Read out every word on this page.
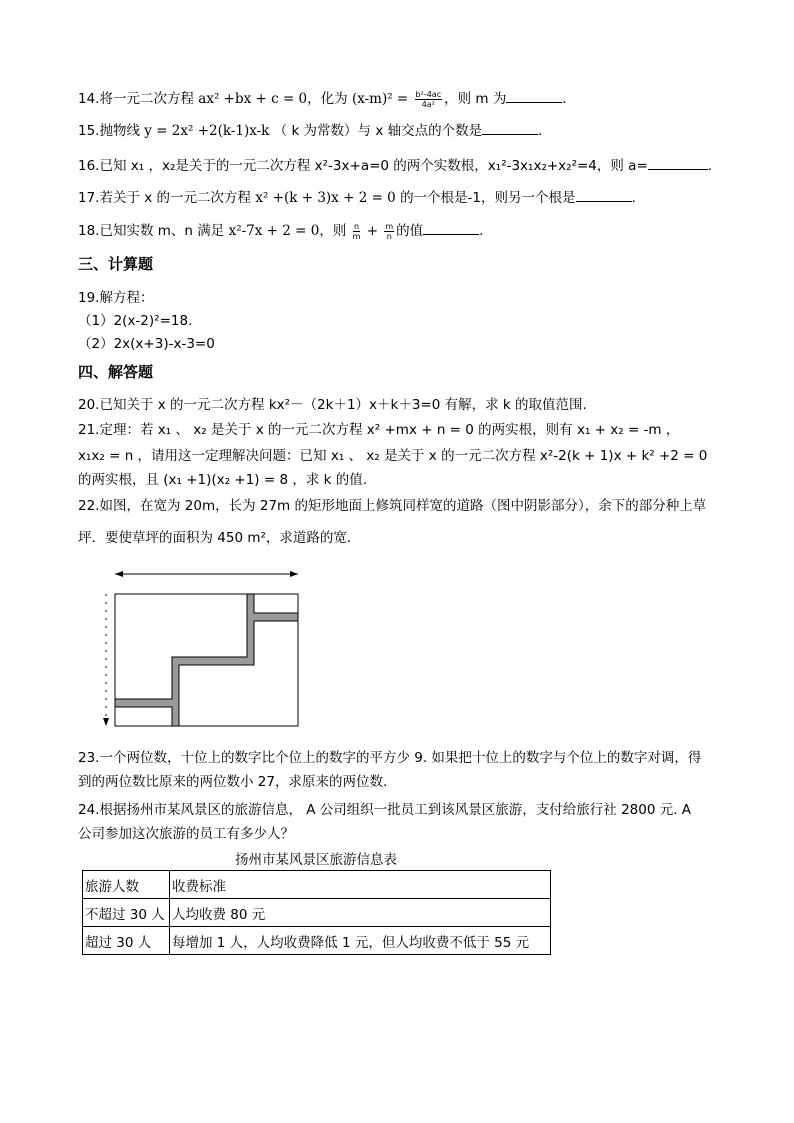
14.将一元二次方程 ax² +bx + c = 0，化为 $(x-m)^2 = \frac{\text{b²-4ac}}{\text{4a²}}$ ，则 m 为	.
15.抛物线 y = 2x² +2(k-1)x-k （ k 为常数）与 x 轴交点的个数是	.
16.已知 x₁ ，x₂是关于的一元二次方程 x²-3x+a=0 的两个实数根，x₁²-3x₁x₂+x₂²=4，则 a=	.
17.若关于 x 的一元二次方程 x² +(k + 3)x + 2 = 0 的一个根是-1，则另一个根是	.
18.已知实数 m、n 满足 x²-7x + 2 = 0，则 $\frac{n}{m} + \frac{m}{n}$ 的值	.
三、计算题
19.解方程：
（1）2(x-2)²=18.
（2）2x(x+3)-x-3=0
四、解答题
20.已知关于 x 的一元二次方程 kx²－（2k＋1）x＋k＋3=0 有解，求 k 的取值范围.
21.定理：若 x₁ 、 x₂ 是关于 x 的一元二次方程 x² +mx + n = 0 的两实根，则有 x₁ + x₂ = -m ，
x₁x₂ = n ，请用这一定理解决问题：已知 x₁ 、 x₂ 是关于 x 的一元二次方程 x²-2(k + 1)x + k² +2 = 0
的两实根，且 (x₁ +1)(x₂ +1) = 8 ，求 k 的值.
22.如图，在宽为 20m，长为 27m 的矩形地面上修筑同样宽的道路（图中阴影部分），余下的部分种上草
坪．要使草坪的面积为 450 m²，求道路的宽．
23.一个两位数，十位上的数字比个位上的数字的平方少 9. 如果把十位上的数字与个位上的数字对调，得
到的两位数比原来的两位数小 27，求原来的两位数.
24.根据扬州市某风景区的旅游信息， A 公司组织一批员工到该风景区旅游，支付给旅行社 2800 元. A
公司参加这次旅游的员工有多少人？
扬州市某风景区旅游信息表
旅游人数	收费标准
不超过 30 人	人均收费 80 元
超过 30 人	每增加 1 人，人均收费降低 1 元，但人均收费不低于 55 元
